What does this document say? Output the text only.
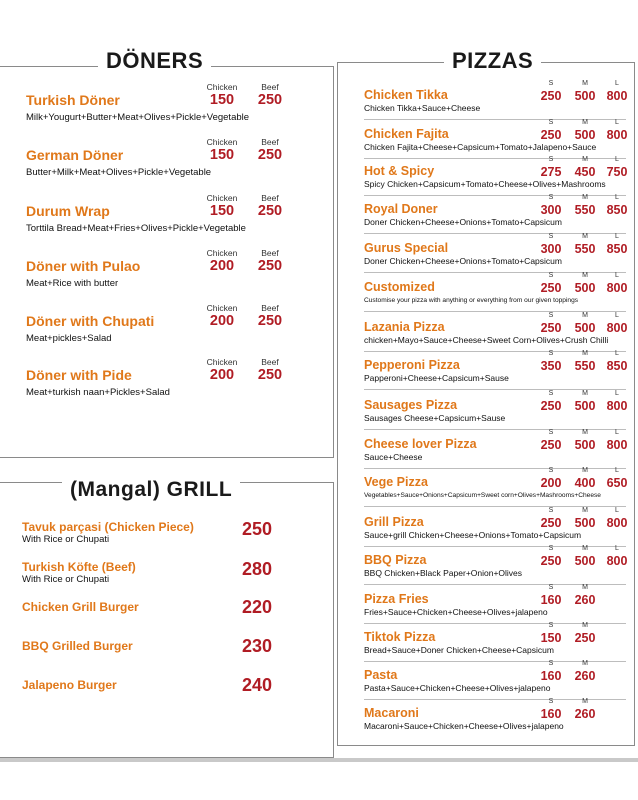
DÖNERS
Chicken	Beef
Turkish Döner	150	250
Milk+Yougurt+Butter+Meat+Olives+Pickle+Vegetable
Chicken	Beef
German Döner	150	250
Butter+Milk+Meat+Olives+Pickle+Vegetable
Chicken	Beef
Durum Wrap	150	250
Torttila Bread+Meat+Fries+Olives+Pickle+Vegetable
Chicken	Beef
Döner with Pulao	200	250
Meat+Rice with butter
Chicken	Beef
Döner with Chupati	200	250
Meat+pickles+Salad
Chicken	Beef
Döner with Pide	200	250
Meat+turkish naan+Pickles+Salad
(Mangal) GRILL
Tavuk parçasi (Chicken Piece)
With Rice or Chupati
250
Turkish Köfte (Beef)
With Rice or Chupati
280
Chicken Grill Burger	220
BBQ Grilled Burger	230
Jalapeno Burger	240
PIZZAS
S	M	L
Chicken Tikka	250	500 800
Chicken Tikka+Sauce+Cheese
S	M	L
Chicken Fajita	250	500 800
Chicken Fajita+Cheese+Capsicum+Tomato+Jalapeno+Sauce
S	M	L
Hot & Spicy	275	450 750
Spicy Chicken+Capsicum+Tomato+Cheese+Olives+Mashrooms
S	M	L
Royal Doner	300	550 850
Doner Chicken+Cheese+Onions+Tomato+Capsicum
S	M	L
Gurus Special	300	550 850
Doner Chicken+Cheese+Onions+Tomato+Capsicum
S	M	L
Customized	250	500 800
Customise your pizza with anything or everything from our given toppings
S	M	L
Lazania Pizza	250	500 800
chicken+Mayo+Sauce+Cheese+Sweet Corn+Olives+Crush Chilli
S	M	L
Pepperoni Pizza	350	550 850
Papperoni+Cheese+Capsicum+Sause
S	M	L
Sausages Pizza	250	500 800
Sausages Cheese+Capsicum+Sause
S	M	L
Cheese lover Pizza	250	500 800
Sauce+Cheese
S	M	L
Vege Pizza	200	400 650
Vegetables+Sauce+Onions+Capsicum+Sweet corn+Olives+Mashrooms+Cheese
S	M	L
Grill Pizza	250	500 800
Sauce+grill Chicken+Cheese+Onions+Tomato+Capsicum
S	M	L
BBQ Pizza	250	500 800
BBQ Chicken+Black Paper+Onion+Olives
S	M
Pizza Fries	160	260
Fries+Sauce+Chicken+Cheese+Olives+jalapeno
S	M
Tiktok Pizza	150	250
Bread+Sauce+Doner Chicken+Cheese+Capsicum
S	M
Pasta	160	260
Pasta+Sauce+Chicken+Cheese+Olives+jalapeno
S	M
Macaroni	160	260
Macaroni+Sauce+Chicken+Cheese+Olives+jalapeno
